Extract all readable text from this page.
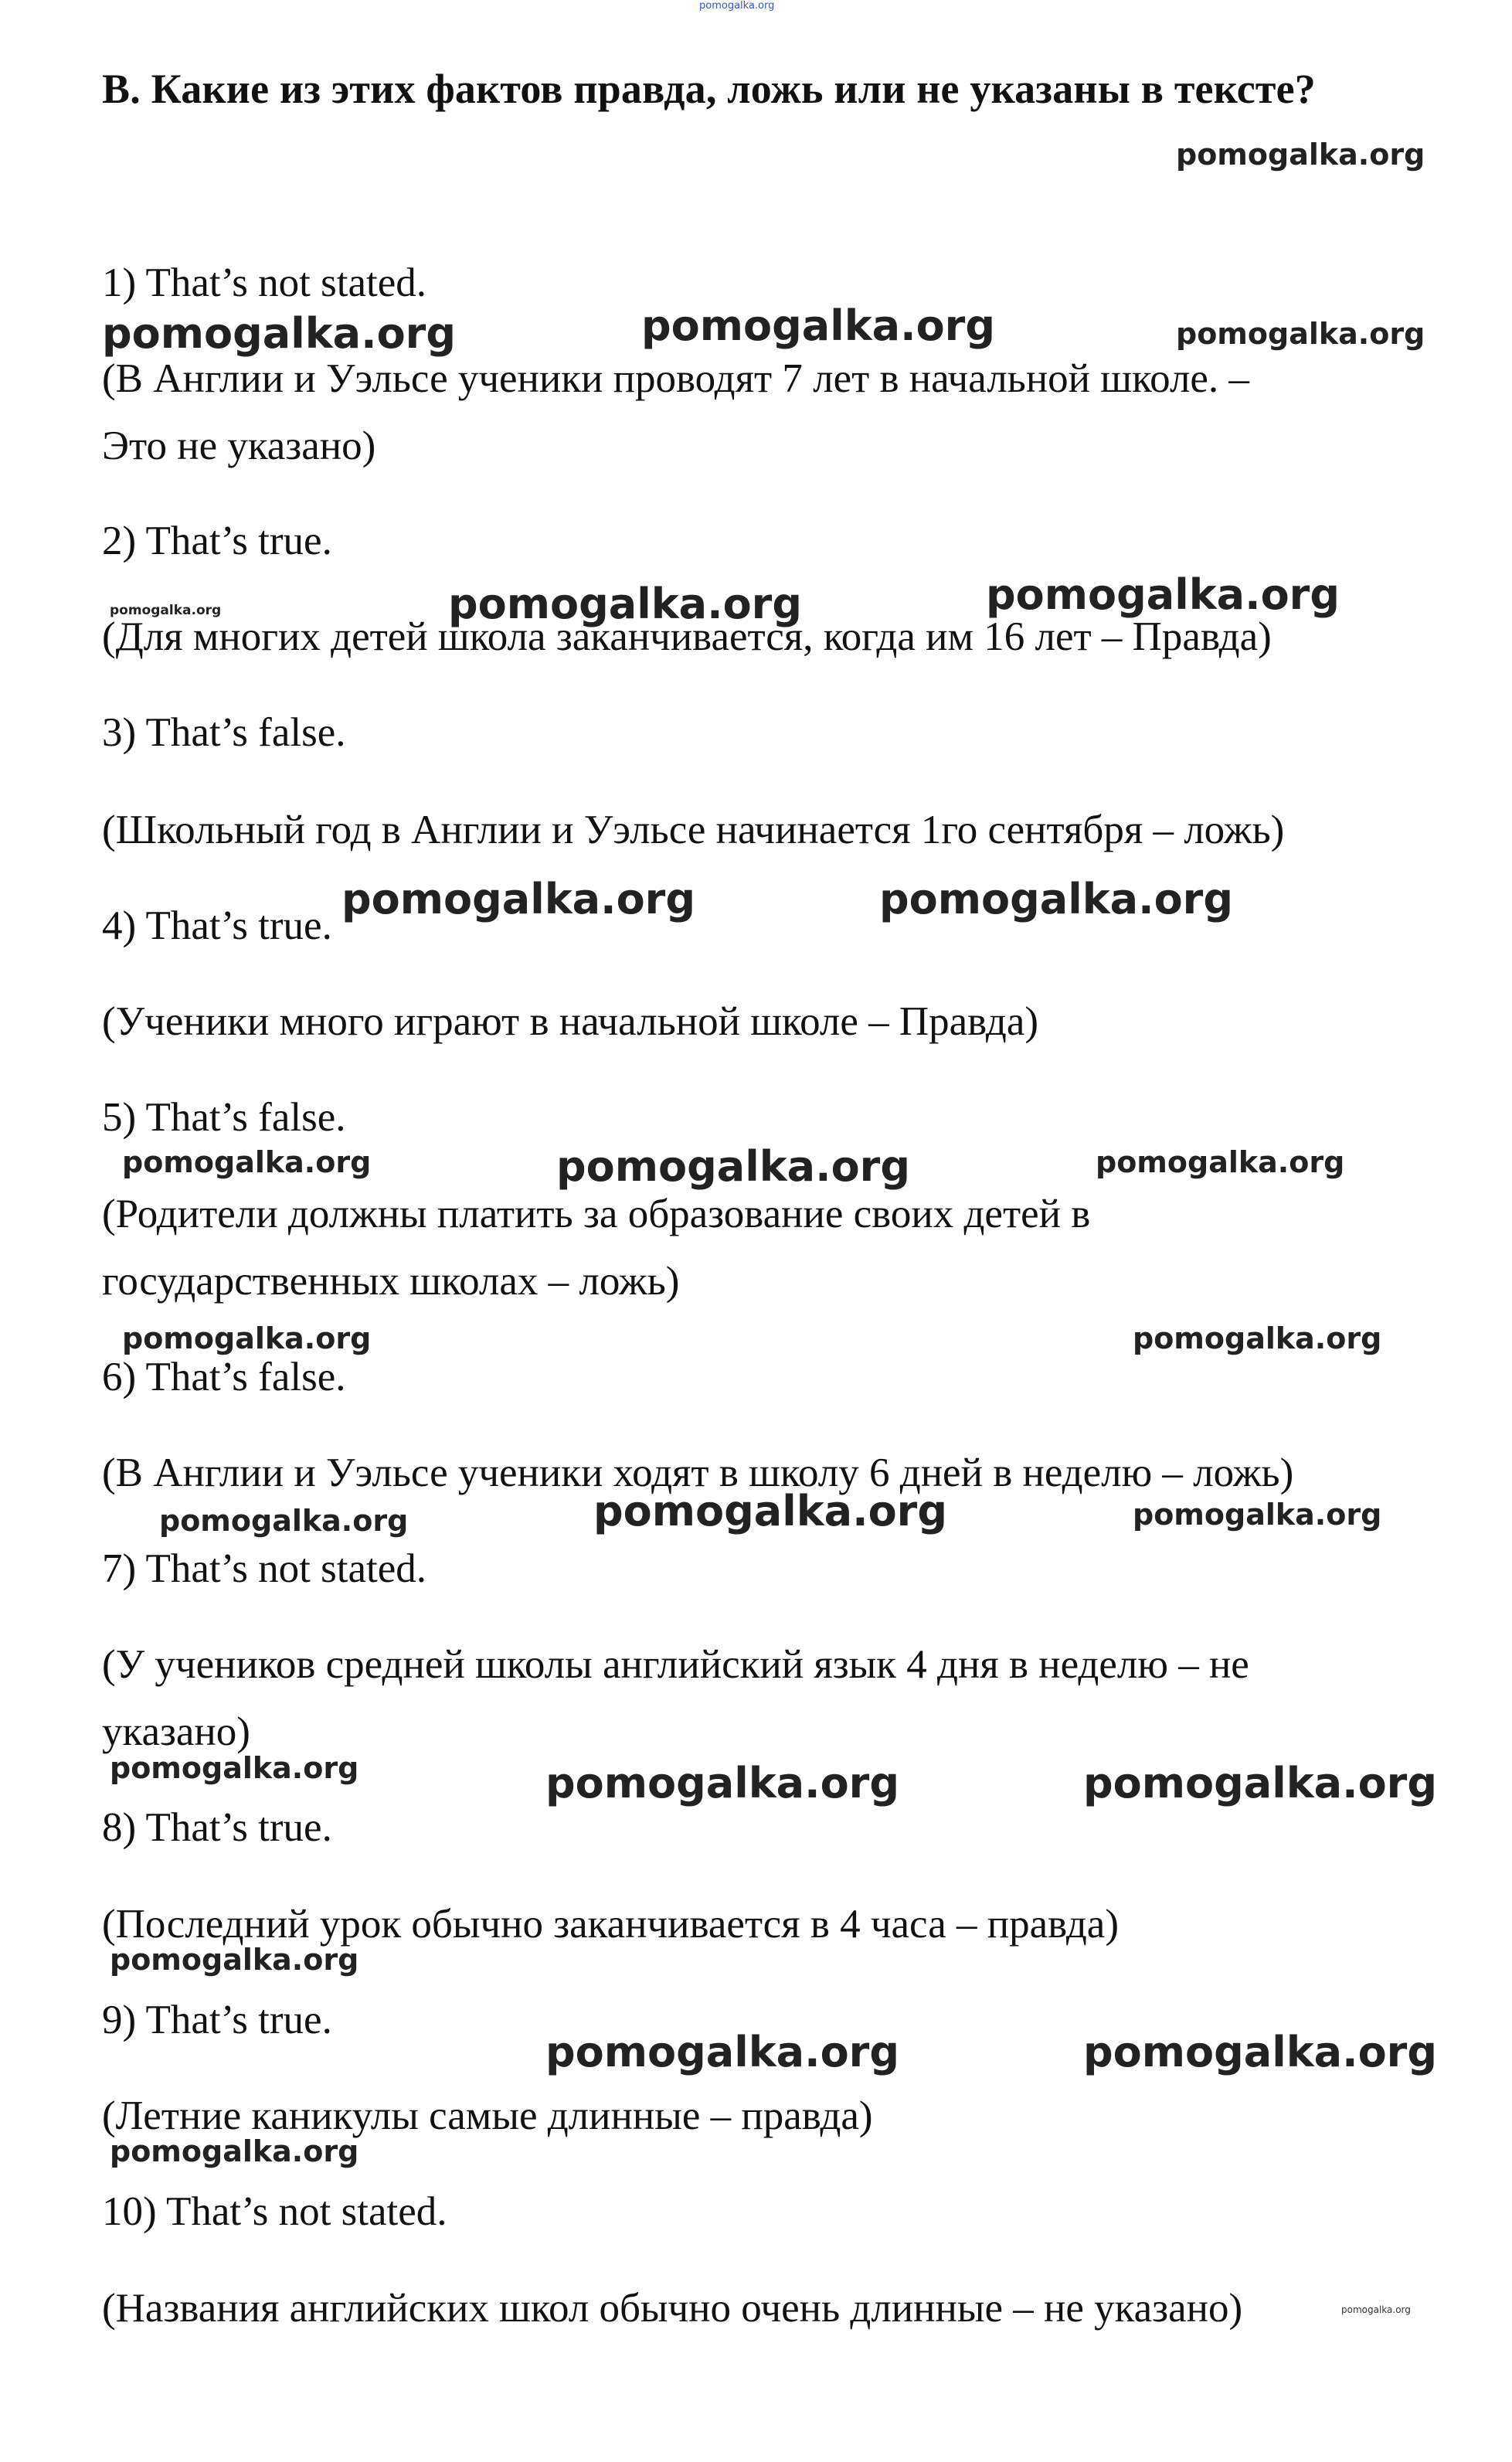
pomogalka.org
В. Какие из этих фактов правда, ложь или не указаны в тексте?
pomogalka.org
1) That’s not stated.
(В Англии и Уэльсе ученики проводят 7 лет в начальной школе. –
Это не указано)
2) That’s true.
(Для многих детей школа заканчивается, когда им 16 лет – Правда)
3) That’s false.
(Школьный год в Англии и Уэльсе начинается 1го сентября – ложь)
4) That’s true.
(Ученики много играют в начальной школе – Правда)
5) That’s false.
(Родители должны платить за образование своих детей в
государственных школах – ложь)
6) That’s false.
(В Англии и Уэльсе ученики ходят в школу 6 дней в неделю – ложь)
7) That’s not stated.
(У учеников средней школы английский язык 4 дня в неделю – не
указано)
8) That’s true.
(Последний урок обычно заканчивается в 4 часа – правда)
9) That’s true.
(Летние каникулы самые длинные – правда)
10) That’s not stated.
(Названия английских школ обычно очень длинные – не указано)
pomogalka.org	pomogalka.org	pomogalka.org
pomogalka.org	pomogalka.org	pomogalka.org
pomogalka.org	pomogalka.org
pomogalka.org	pomogalka.org	pomogalka.org
pomogalka.org	pomogalka.org
pomogalka.org	pomogalka.org	pomogalka.org
pomogalka.org	pomogalka.org	pomogalka.org
pomogalka.org
pomogalka.org	pomogalka.org
pomogalka.org
pomogalka.org
